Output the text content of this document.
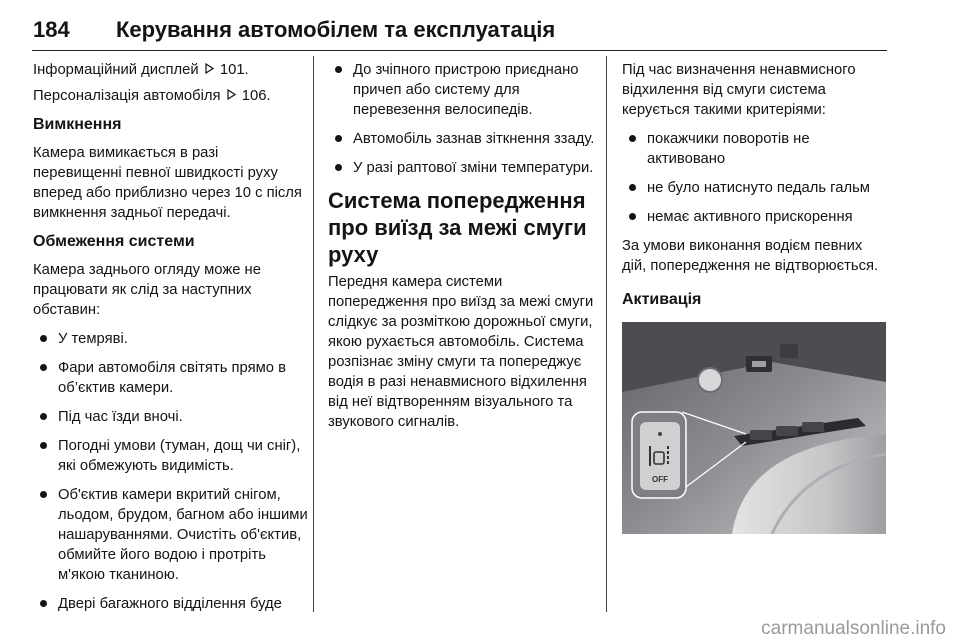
184 Керування автомобілем та експлуатація

Інформаційний дисплей 101.

Персоналізація автомобіля 106.

Вимкнення

Камера вимикається в разі перевищенні певної швидкості руху вперед або приблизно через 10 с після вимкнення задньої передачі.

Обмеження системи

Камера заднього огляду може не працювати як слід за наступних обставин:

У темряві.
Фари автомобіля світять прямо в об’єктив камери.
Під час їзди вночі.
Погодні умови (туман, дощ чи сніг), які обмежують видимість.
Об'єктив камери вкритий снігом, льодом, брудом, багном або іншими нашаруваннями. Очистіть об'єктив, обмийте його водою і протріть м'якою тканиною.
Двері багажного відділення буде
До зчіпного пристрою приєднано причеп або систему для перевезення велосипедів.
Автомобіль зазнав зіткнення ззаду.
У разі раптової зміни температури.
Система попередження про виїзд за межі смуги руху

Передня камера системи попередження про виїзд за межі смуги слідкує за розміткою дорожньої смуги, якою рухається автомобіль. Система розпізнає зміну смуги та попереджує водія в разі ненавмисного відхилення від неї відтворенням візуального та звукового сигналів.

Під час визначення ненавмисного відхилення від смуги система керується такими критеріями:

покажчики поворотів не активовано
не було натиснуто педаль гальм
немає активного прискорення

За умови виконання водієм певних дій, попередження не відтворюється.

Активація
OFF
carmanualsonline.info
